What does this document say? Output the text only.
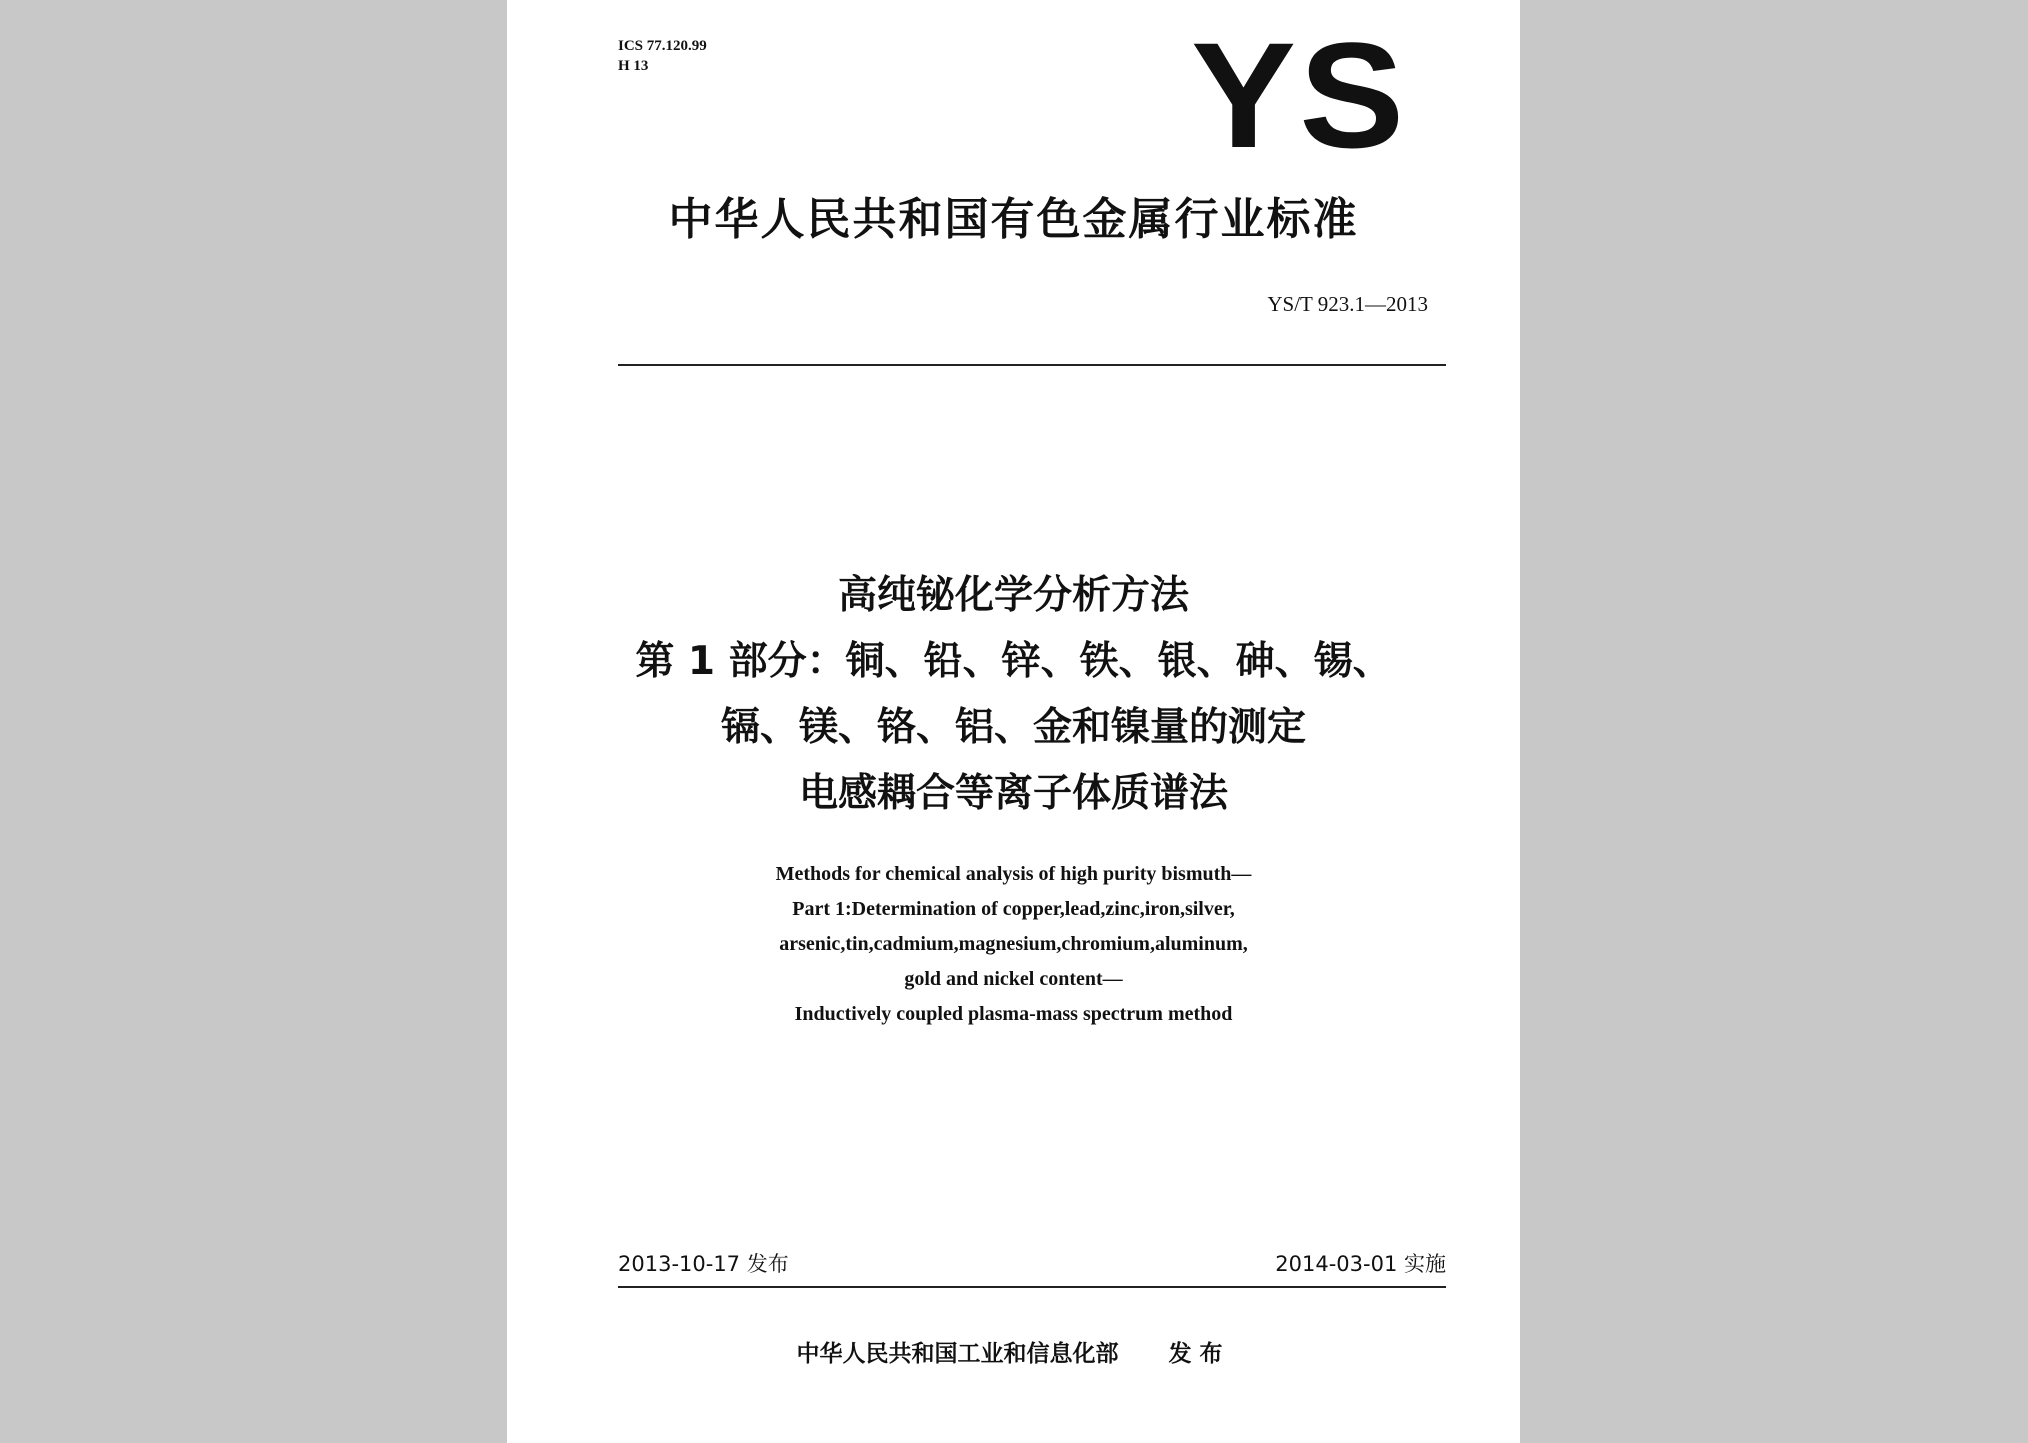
ICS 77.120.99
H 13	YS
中华人民共和国有色金属行业标准
YS/T 923.1—2013
高纯铋化学分析方法
第 1 部分：铜、铅、锌、铁、银、砷、锡、
镉、镁、铬、铝、金和镍量的测定
电感耦合等离子体质谱法
Methods for chemical analysis of high purity bismuth—
Part 1:Determination of copper,lead,zinc,iron,silver,
arsenic,tin,cadmium,magnesium,chromium,aluminum,
gold and nickel content—
Inductively coupled plasma-mass spectrum method
2013-10-17 发布	2014-03-01 实施
中华人民共和国工业和信息化部 发布
